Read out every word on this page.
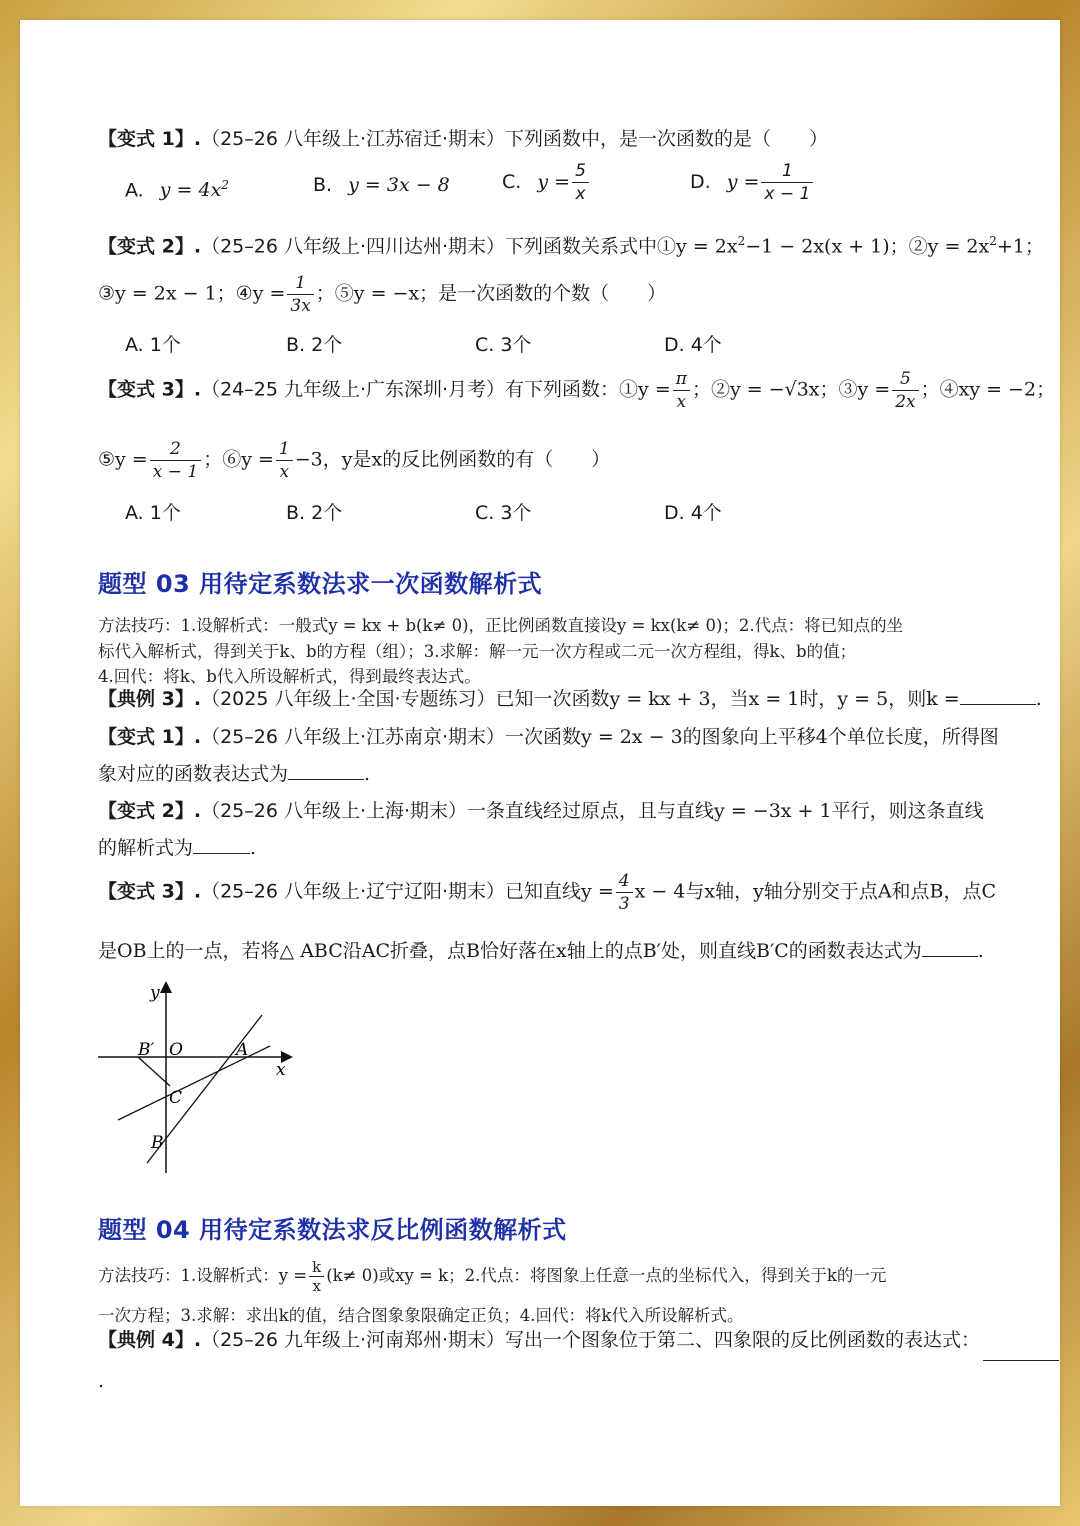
【变式 1】.（25–26 八年级上·江苏宿迁·期末）下列函数中，是一次函数的是（　　）
A. $y = 4x^2$	B. y = 3x − 8	C. $y = \frac{5}{x}$	D. $y = \frac{1}{x - 1}$
【变式 2】.（25–26 八年级上·四川达州·期末）下列函数关系式中①y = $2x^2-1 - 2x(x + 1)$；②y = $2x^2+1$；
③y = 2x − 1；④y = $\frac{1}{3x}$ ；⑤y = −x；是一次函数的个数（　　）
A. 1个	B. 2个	C. 3个	D. 4个
【变式 3】.（24–25 九年级上·广东深圳·月考）有下列函数：①y = $\frac{\pi}{x}$ ；②y = −√3x；③y = $\frac{5}{2x}$ ；④xy = −2；
⑤y = $\frac{2}{x - 1}$ ；⑥y = $\frac{1}{x} -3$，y是x的反比例函数的有（　　）
A. 1个	B. 2个	C. 3个	D. 4个
题型 03 用待定系数法求一次函数解析式
方法技巧：1.设解析式：一般式y = kx + b(k≠ 0)，正比例函数直接设y = kx(k≠ 0)；2.代点：将已知点的坐
标代入解析式，得到关于k、b的方程（组）；3.求解：解一元一次方程或二元一次方程组，得k、b的值；
4.回代：将k、b代入所设解析式，得到最终表达式。
【典例 3】.（2025 八年级上·全国·专题练习）已知一次函数y = kx + 3，当x = 1时，y = 5，则k =	.
【变式 1】.（25–26 八年级上·江苏南京·期末）一次函数y = 2x − 3的图象向上平移4个单位长度，所得图
象对应的函数表达式为	.
【变式 2】.（25–26 八年级上·上海·期末）一条直线经过原点，且与直线y = −3x + 1平行，则这条直线
的解析式为	.
【变式 3】.（25–26 八年级上·辽宁辽阳·期末）已知直线$y = \frac{4}{3}$ x − 4与x轴，y轴分别交于点A和点B，点C
是OB上的一点，若将△ ABC沿AC折叠，点B恰好落在x轴上的点B′处，则直线B′C的函数表达式为	.
y
x
O	A
B′
C
B
题型 04 用待定系数法求反比例函数解析式
方法技巧：1.设解析式：$y = \frac{k}{x} (k\ne 0)$或xy = k；2.代点：将图象上任意一点的坐标代入，得到关于k的一元
一次方程；3.求解：求出k的值，结合图象象限确定正负；4.回代：将k代入所设解析式。
【典例 4】.（25–26 九年级上·河南郑州·期末）写出一个图象位于第二、四象限的反比例函数的表达式：
.
